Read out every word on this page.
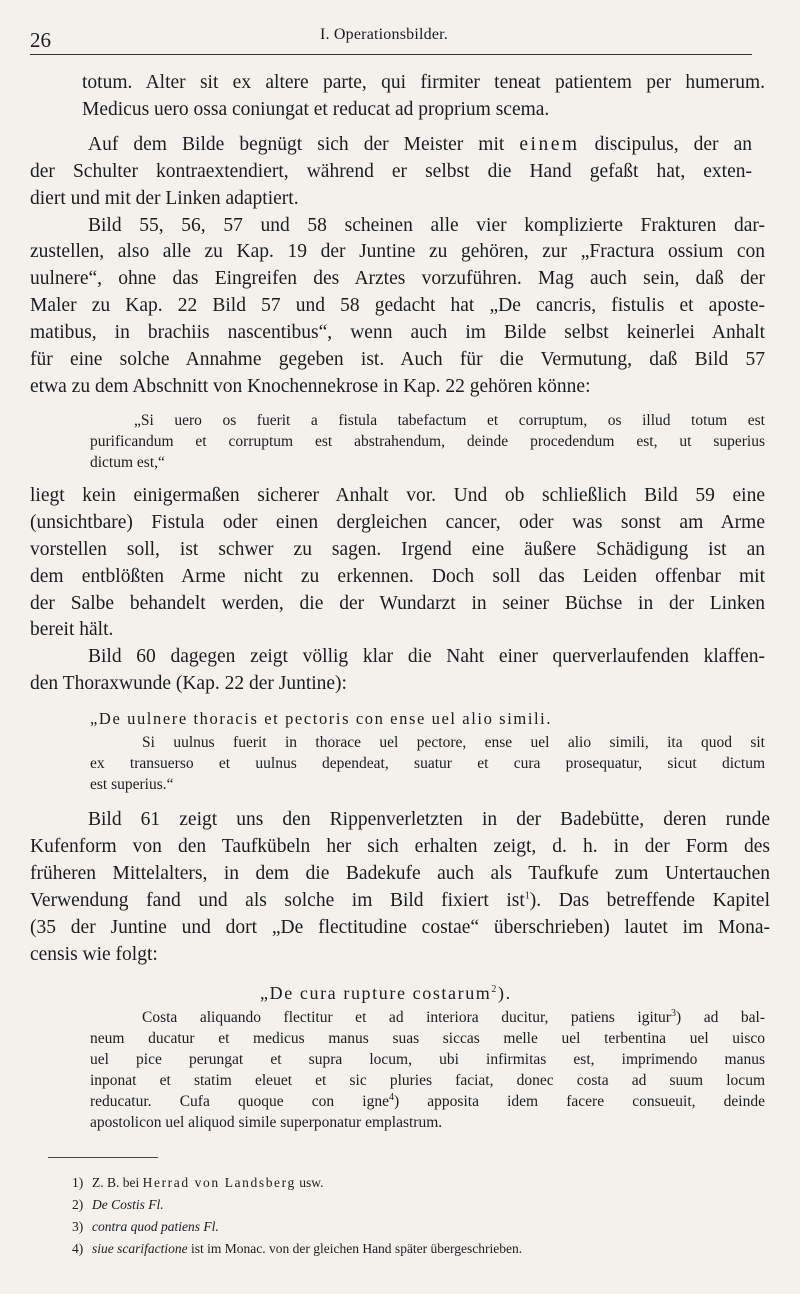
26	I. Operationsbilder.
totum. Alter sit ex altere parte, qui firmiter teneat patientem per humerum.
Medicus uero ossa coniungat et reducat ad proprium scema.
Auf dem Bilde begnügt sich der Meister mit einem discipulus, der an
der Schulter kontraextendiert, während er selbst die Hand gefaßt hat, exten-
diert und mit der Linken adaptiert.
Bild 55, 56, 57 und 58 scheinen alle vier komplizierte Frakturen dar-
zustellen, also alle zu Kap. 19 der Juntine zu gehören, zur „Fractura ossium con
uulnere“, ohne das Eingreifen des Arztes vorzuführen. Mag auch sein, daß der
Maler zu Kap. 22 Bild 57 und 58 gedacht hat „De cancris, fistulis et aposte-
matibus, in brachiis nascentibus“, wenn auch im Bilde selbst keinerlei Anhalt
für eine solche Annahme gegeben ist. Auch für die Vermutung, daß Bild 57
etwa zu dem Abschnitt von Knochennekrose in Kap. 22 gehören könne:
„Si uero os fuerit a fistula tabefactum et corruptum, os illud totum est
purificandum et corruptum est abstrahendum, deinde procedendum est, ut superius
dictum est,“
liegt kein einigermaßen sicherer Anhalt vor. Und ob schließlich Bild 59 eine
(unsichtbare) Fistula oder einen dergleichen cancer, oder was sonst am Arme
vorstellen soll, ist schwer zu sagen. Irgend eine äußere Schädigung ist an
dem entblößten Arme nicht zu erkennen. Doch soll das Leiden offenbar mit
der Salbe behandelt werden, die der Wundarzt in seiner Büchse in der Linken
bereit hält.
Bild 60 dagegen zeigt völlig klar die Naht einer querverlaufenden klaffen-
den Thoraxwunde (Kap. 22 der Juntine):
„De uulnere thoracis et pectoris con ense uel alio simili.
Si uulnus fuerit in thorace uel pectore, ense uel alio simili, ita quod sit
ex transuerso et uulnus dependeat, suatur et cura prosequatur, sicut dictum
est superius.“
Bild 61 zeigt uns den Rippenverletzten in der Badebütte, deren runde
Kufenform von den Taufkübeln her sich erhalten zeigt, d. h. in der Form des
früheren Mittelalters, in dem die Badekufe auch als Taufkufe zum Untertauchen
Verwendung fand und als solche im Bild fixiert ist$^1$). Das betreffende Kapitel
(35 der Juntine und dort „De flectitudine costae“ überschrieben) lautet im Mona-
censis wie folgt:
„De cura rupture costarum$^2$).
Costa aliquando flectitur et ad interiora ducitur, patiens igitur$^3$) ad bal-
neum ducatur et medicus manus suas siccas melle uel terbentina uel uisco
uel pice perungat et supra locum, ubi infirmitas est, imprimendo manus
inponat et statim eleuet et sic pluries faciat, donec costa ad suum locum
reducatur. Cufa quoque con igne$^4$) apposita idem facere consueuit, deinde
apostolicon uel aliquod simile superponatur emplastrum.
1) Z. B. bei Herrad von Landsberg usw.
2) De Costis Fl.
3) contra quod patiens Fl.
4) siue scarifactione ist im Monac. von der gleichen Hand später übergeschrieben.
